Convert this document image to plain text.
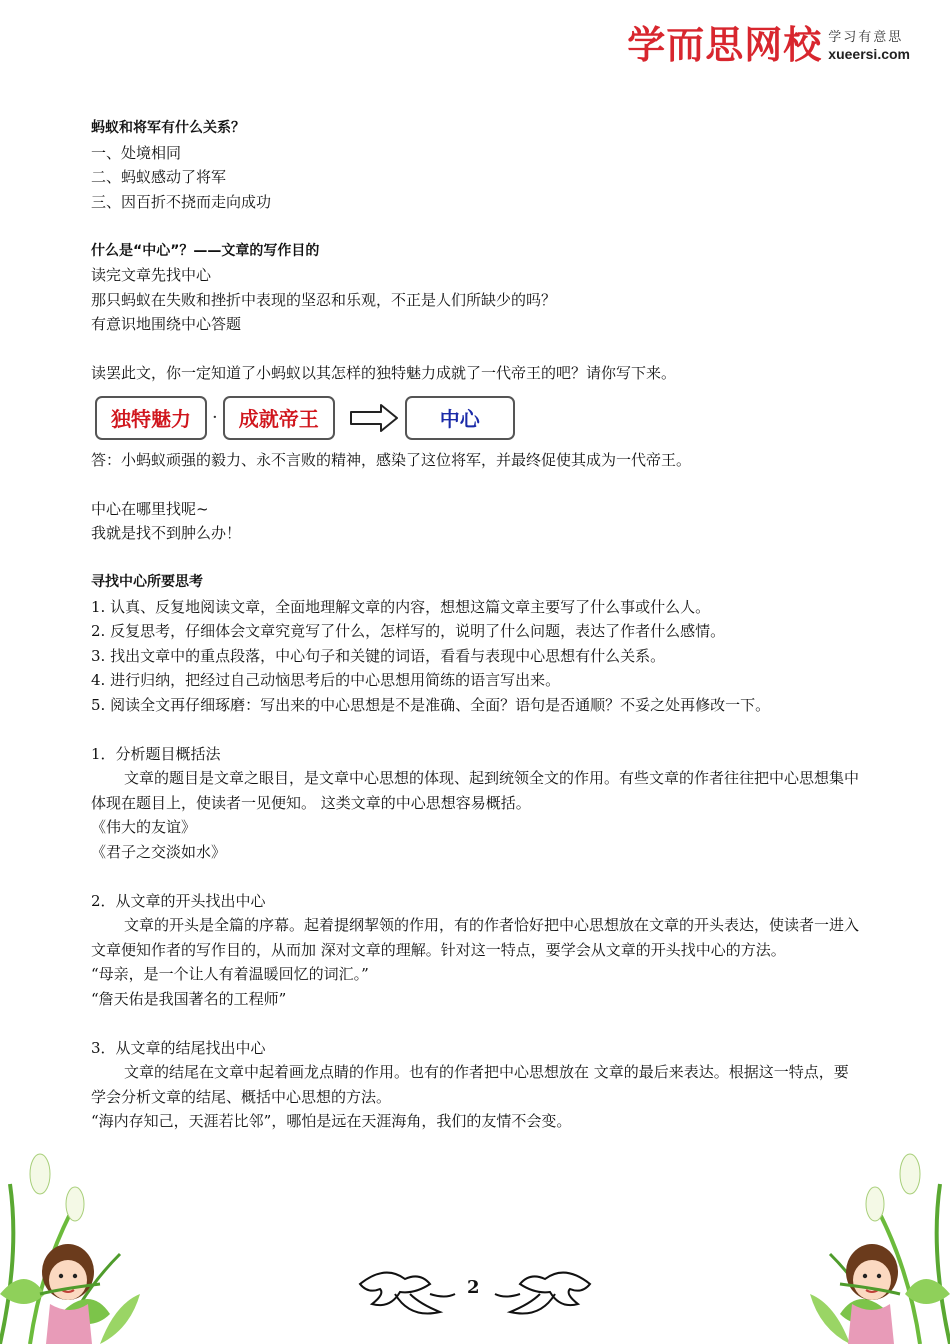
学而思网校 学习有意思
xueersi.com
蚂蚁和将军有什么关系？
一、处境相同
二、蚂蚁感动了将军
三、因百折不挠而走向成功
什么是“中心”？——文章的写作目的
读完文章先找中心
那只蚂蚁在失败和挫折中表现的坚忍和乐观，不正是人们所缺少的吗？
有意识地围绕中心答题
读罢此文，你一定知道了小蚂蚁以其怎样的独特魅力成就了一代帝王的吧？请你写下来。
独特魅力	·	成就帝王	中心
答：小蚂蚁顽强的毅力、永不言败的精神，感染了这位将军，并最终促使其成为一代帝王。
中心在哪里找呢~
我就是找不到肿么办！
寻找中心所要思考
1. 认真、反复地阅读文章，全面地理解文章的内容，想想这篇文章主要写了什么事或什么人。
2. 反复思考，仔细体会文章究竟写了什么，怎样写的，说明了什么问题，表达了作者什么感情。
3. 找出文章中的重点段落，中心句子和关键的词语，看看与表现中心思想有什么关系。
4. 进行归纳，把经过自己动恼思考后的中心思想用简练的语言写出来。
5. 阅读全文再仔细琢磨：写出来的中心思想是不是准确、全面？语句是否通顺？不妥之处再修改一下。
1．分析题目概括法
文章的题目是文章之眼目，是文章中心思想的体现、起到统领全文的作用。有些文章的作者往往把中心思想集中体现在题目上，使读者一见便知。 这类文章的中心思想容易概括。
《伟大的友谊》
《君子之交淡如水》
2．从文章的开头找出中心
文章的开头是全篇的序幕。起着提纲挈领的作用，有的作者恰好把中心思想放在文章的开头表达，使读者一进入文章便知作者的写作目的，从而加 深对文章的理解。针对这一特点，要学会从文章的开头找中心的方法。
“母亲，是一个让人有着温暖回忆的词汇。”
“詹天佑是我国著名的工程师”
3．从文章的结尾找出中心
文章的结尾在文章中起着画龙点睛的作用。也有的作者把中心思想放在 文章的最后来表达。根据这一特点，要学会分析文章的结尾、概括中心思想的方法。
“海内存知己，天涯若比邻”，哪怕是远在天涯海角，我们的友情不会变。
2
